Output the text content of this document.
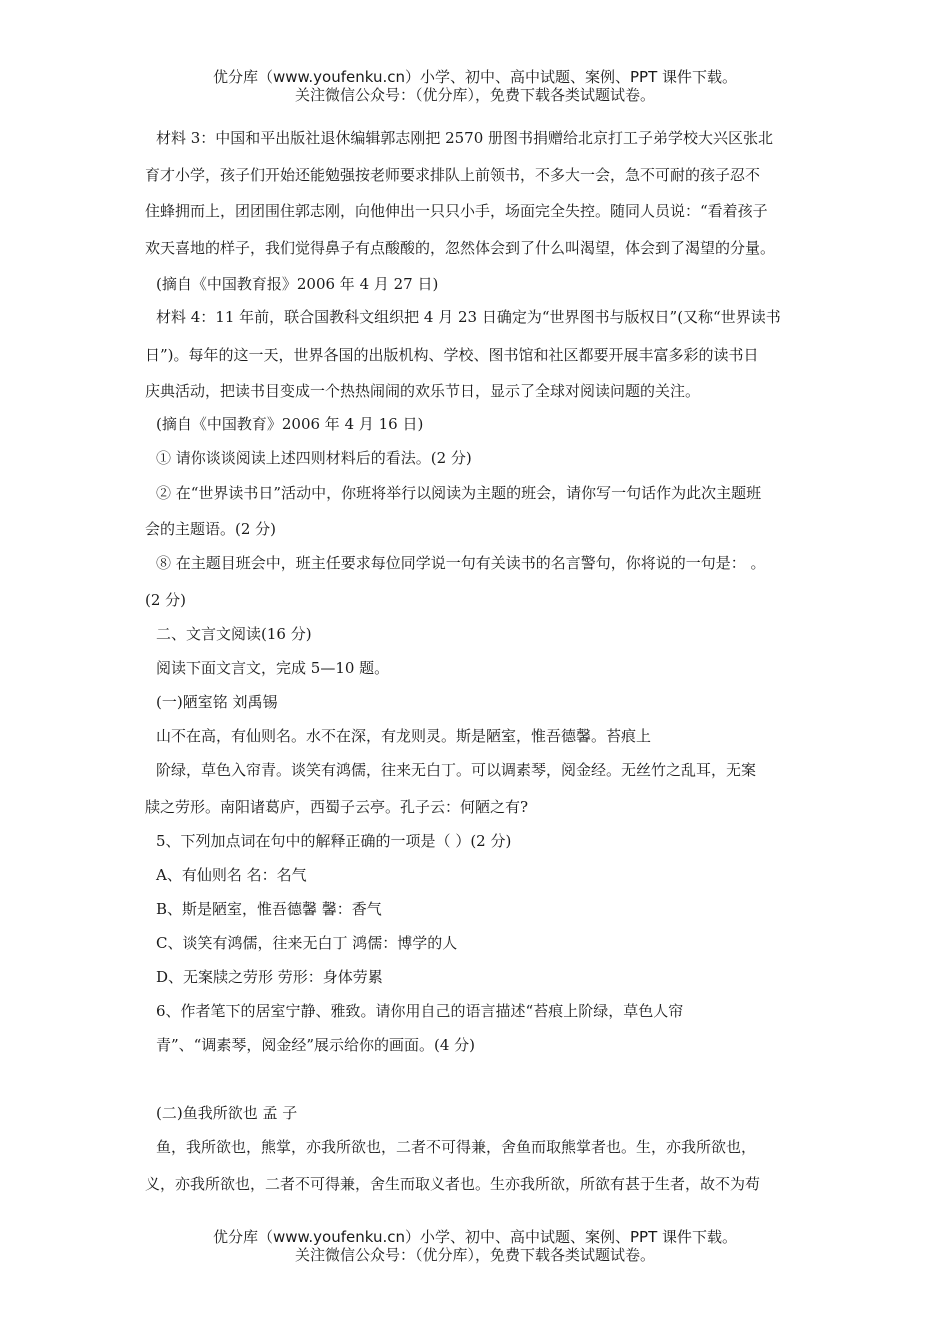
优分库（www.youfenku.cn）小学、初中、高中试题、案例、PPT 课件下载。
关注微信公众号：（优分库），免费下载各类试题试卷。
材料 3：中国和平出版社退休编辑郭志刚把 2570 册图书捐赠给北京打工子弟学校大兴区张北
育才小学，孩子们开始还能勉强按老师要求排队上前领书，不多大一会，急不可耐的孩子忍不
住蜂拥而上，团团围住郭志刚，向他伸出一只只小手，场面完全失控。随同人员说：“看着孩子
欢天喜地的样子，我们觉得鼻子有点酸酸的，忽然体会到了什么叫渴望，体会到了渴望的分量。
(摘自《中国教育报》2006 年 4 月 27 日)
材料 4：11 年前，联合国教科文组织把 4 月 23 日确定为“世界图书与版权日”(又称“世界读书
日”)。每年的这一天，世界各国的出版机构、学校、图书馆和社区都要开展丰富多彩的读书日
庆典活动，把读书目变成一个热热闹闹的欢乐节日，显示了全球对阅读问题的关注。
(摘自《中国教育》2006 年 4 月 16 日)
① 请你谈谈阅读上述四则材料后的看法。(2 分)
② 在“世界读书日”活动中，你班将举行以阅读为主题的班会，请你写一句话作为此次主题班
会的主题语。(2 分)
⑧ 在主题目班会中，班主任要求每位同学说一句有关读书的名言警句，你将说的一句是： 。
(2 分)
二、文言文阅读(16 分)
阅读下面文言文，完成 5—10 题。
(一)陋室铭 刘禹锡
山不在高，有仙则名。水不在深，有龙则灵。斯是陋室，惟吾德馨。苔痕上
阶绿，草色入帘青。谈笑有鸿儒，往来无白丁。可以调素琴，阅金经。无丝竹之乱耳，无案
牍之劳形。南阳诸葛庐，西蜀子云亭。孔子云：何陋之有?
5、下列加点词在句中的解释正确的一项是（ ）(2 分)
A、有仙则名 名：名气
B、斯是陋室，惟吾德馨 馨：香气
C、谈笑有鸿儒，往来无白丁 鸿儒：博学的人
D、无案牍之劳形 劳形：身体劳累
6、作者笔下的居室宁静、雅致。请你用自己的语言描述“苔痕上阶绿，草色人帘
青”、“调素琴，阅金经”展示给你的画面。(4 分)
(二)鱼我所欲也 孟 子
鱼，我所欲也，熊掌，亦我所欲也，二者不可得兼，舍鱼而取熊掌者也。生，亦我所欲也，
义，亦我所欲也，二者不可得兼，舍生而取义者也。生亦我所欲，所欲有甚于生者，故不为苟
优分库（www.youfenku.cn）小学、初中、高中试题、案例、PPT 课件下载。
关注微信公众号：（优分库），免费下载各类试题试卷。
